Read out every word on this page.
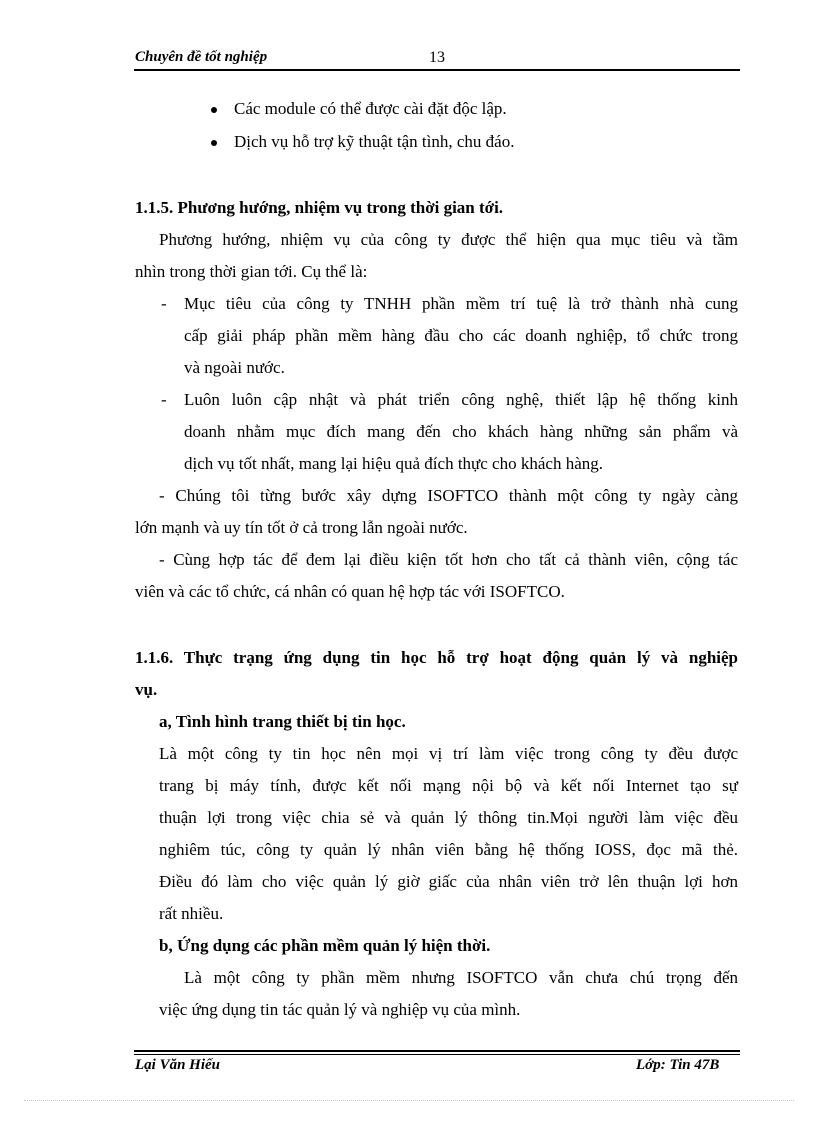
Chuyên đề tốt nghiệp	13
Các module có thể được cài đặt độc lập.
Dịch vụ hỗ trợ kỹ thuật tận tình, chu đáo.
1.1.5. Phương hướng, nhiệm vụ trong thời gian tới.
Phương hướng, nhiệm vụ của công ty được thể hiện qua mục tiêu và tầm
nhìn trong thời gian tới. Cụ thể là:
- Mục tiêu của công ty TNHH phần mềm trí tuệ là trở thành nhà cung
cấp giải pháp phần mềm hàng đầu cho các doanh nghiệp, tổ chức trong
và ngoài nước.
- Luôn luôn cập nhật và phát triển công nghệ, thiết lập hệ thống kinh
doanh nhằm mục đích mang đến cho khách hàng những sản phẩm và
dịch vụ tốt nhất, mang lại hiệu quả đích thực cho khách hàng.
- Chúng tôi từng bước xây dựng ISOFTCO thành một công ty ngày càng
lớn mạnh và uy tín tốt ở cả trong lẫn ngoài nước.
- Cùng hợp tác để đem lại điều kiện tốt hơn cho tất cả thành viên, cộng tác
viên và các tổ chức, cá nhân có quan hệ hợp tác với ISOFTCO.
1.1.6. Thực trạng ứng dụng tin học hỗ trợ hoạt động quản lý và nghiệp
vụ.
a, Tình hình trang thiết bị tin học.
Là một công ty tin học nên mọi vị trí làm việc trong công ty đều được
trang bị máy tính, được kết nối mạng nội bộ và kết nối Internet tạo sự
thuận lợi trong việc chia sẻ và quản lý thông tin.Mọi người làm việc đều
nghiêm túc, công ty quản lý nhân viên bằng hệ thống IOSS, đọc mã thẻ.
Điều đó làm cho việc quản lý giờ giấc của nhân viên trở lên thuận lợi hơn
rất nhiều.
b, Ứng dụng các phần mềm quản lý hiện thời.
Là một công ty phần mềm nhưng ISOFTCO vẫn chưa chú trọng đến
việc ứng dụng tin tác quản lý và nghiệp vụ của mình.
Lại Văn Hiếu	Lớp: Tin 47B
